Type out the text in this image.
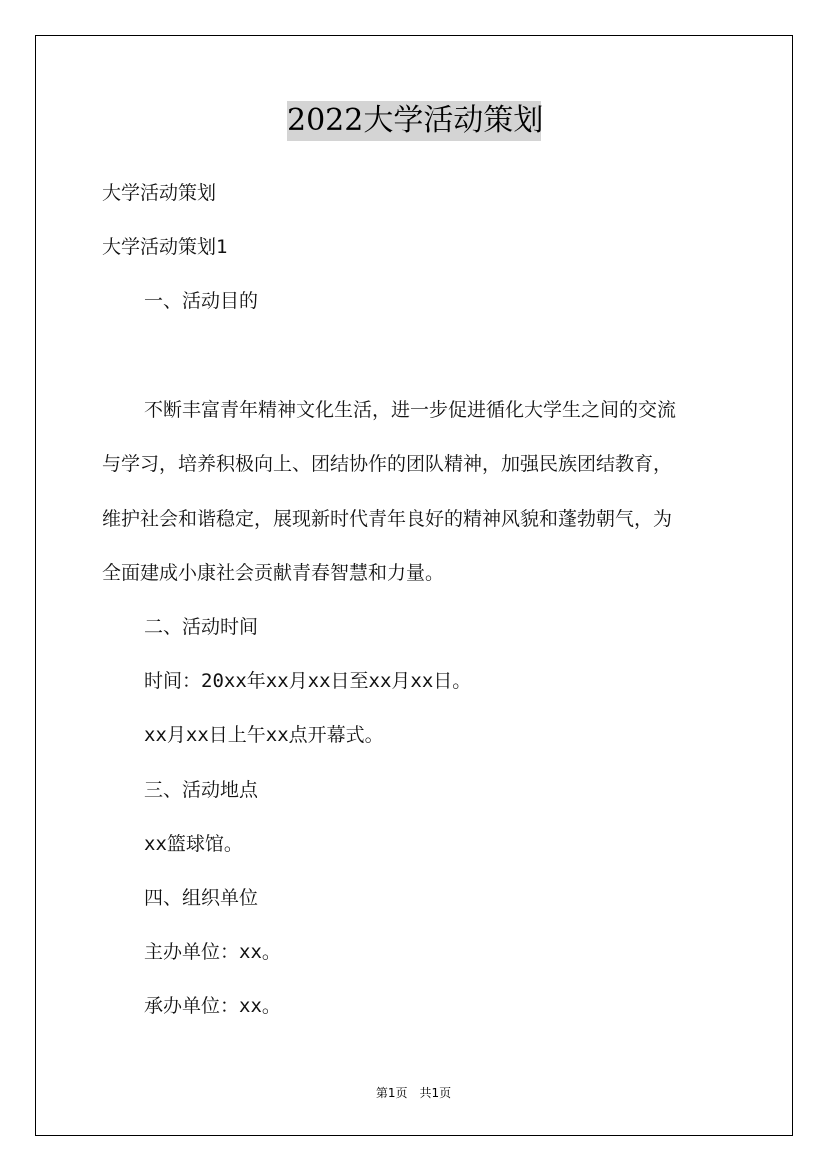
2022大学活动策划
大学活动策划
大学活动策划1
一、活动目的
不断丰富青年精神文化生活，进一步促进循化大学生之间的交流
与学习，培养积极向上、团结协作的团队精神，加强民族团结教育，
维护社会和谐稳定，展现新时代青年良好的精神风貌和蓬勃朝气，为
全面建成小康社会贡献青春智慧和力量。
二、活动时间
时间：20xx年xx月xx日至xx月xx日。
xx月xx日上午xx点开幕式。
三、活动地点
xx篮球馆。
四、组织单位
主办单位：xx。
承办单位：xx。
第1页　共1页
